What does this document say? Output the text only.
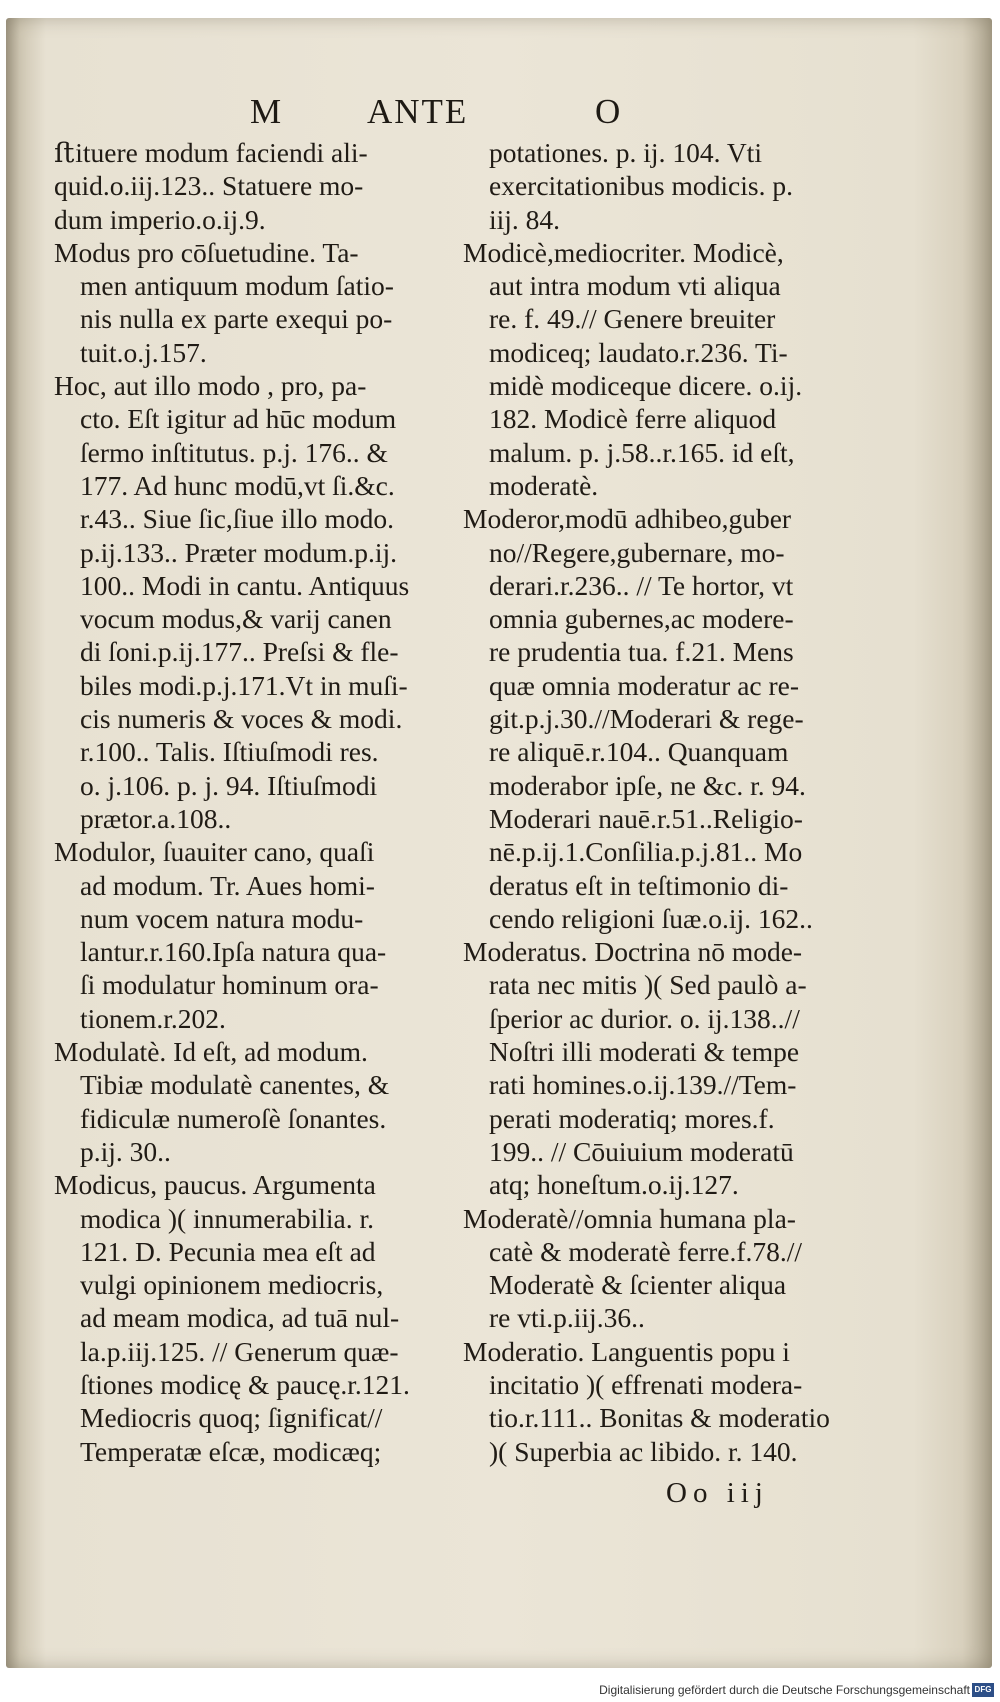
M ANTE	O
ﬅituere modum faciendi ali-
quid.o.iij.123.. Statuere mo-
dum imperio.o.ij.9.
Modus pro cōſuetudine. Ta-
men antiquum modum ſatio-
nis nulla ex parte exequi po-
tuit.o.j.157.
Hoc, aut illo modo , pro, pa-
cto. Eſt igitur ad hūc modum
ſermo inſtitutus. p.j. 176.. &
177. Ad hunc modū,vt ſi.&c.
r.43.. Siue ſic,ſiue illo modo.
p.ij.133.. Præter modum.p.ij.
100.. Modi in cantu. Antiquus
vocum modus,& varij canen
di ſoni.p.ij.177.. Preſsi & fle-
biles modi.p.j.171.Vt in muſi-
cis numeris & voces & modi.
r.100.. Talis. Iſtiuſmodi res.
o. j.106. p. j. 94. Iſtiuſmodi
prætor.a.108..
Modulor, ſuauiter cano, quaſi
ad modum. Tr. Aues homi-
num vocem natura modu-
lantur.r.160.Ipſa natura qua-
ſi modulatur hominum ora-
tionem.r.202.
Modulatè. Id eſt, ad modum.
Tibiæ modulatè canentes, &
fidiculæ numeroſè ſonantes.
p.ij. 30..
Modicus, paucus. Argumenta
modica )( innumerabilia. r.
121. D. Pecunia mea eſt ad
vulgi opinionem mediocris,
ad meam modica, ad tuā nul-
la.p.iij.125. // Generum quæ-
ſtiones modicę & paucę.r.121.
Mediocris quoq; ſignificat//
Temperatæ eſcæ, modicæq;
potationes. p. ij. 104. Vti
exercitationibus modicis. p.
iij. 84.
Modicè,mediocriter. Modicè,
aut intra modum vti aliqua
re. f. 49.// Genere breuiter
modiceq; laudato.r.236. Ti-
midè modiceque dicere. o.ij.
182. Modicè ferre aliquod
malum. p. j.58..r.165. id eſt,
moderatè.
Moderor,modū adhibeo,guber
no//Regere,gubernare, mo-
derari.r.236.. // Te hortor, vt
omnia gubernes,ac modere-
re prudentia tua. f.21. Mens
quæ omnia moderatur ac re-
git.p.j.30.//Moderari & rege-
re aliquē.r.104.. Quanquam
moderabor ipſe, ne &c. r. 94.
Moderari nauē.r.51..Religio-
nē.p.ij.1.Conſilia.p.j.81.. Mo
deratus eſt in teſtimonio di-
cendo religioni ſuæ.o.ij. 162..
Moderatus. Doctrina nō mode-
rata nec mitis )( Sed paulò a-
ſperior ac durior. o. ij.138..//
Noſtri illi moderati & tempe
rati homines.o.ij.139.//Tem-
perati moderatiq; mores.f.
199.. // Cōuiuium moderatū
atq; honeſtum.o.ij.127.
Moderatè//omnia humana pla-
catè & moderatè ferre.f.78.//
Moderatè & ſcienter aliqua
re vti.p.iij.36..
Moderatio. Languentis popu i
incitatio )( effrenati modera-
tio.r.111.. Bonitas & moderatio
)( Superbia ac libido. r. 140.
Oo iij
Digitalisierung gefördert durch die Deutsche Forschungsgemeinschaft DFG
